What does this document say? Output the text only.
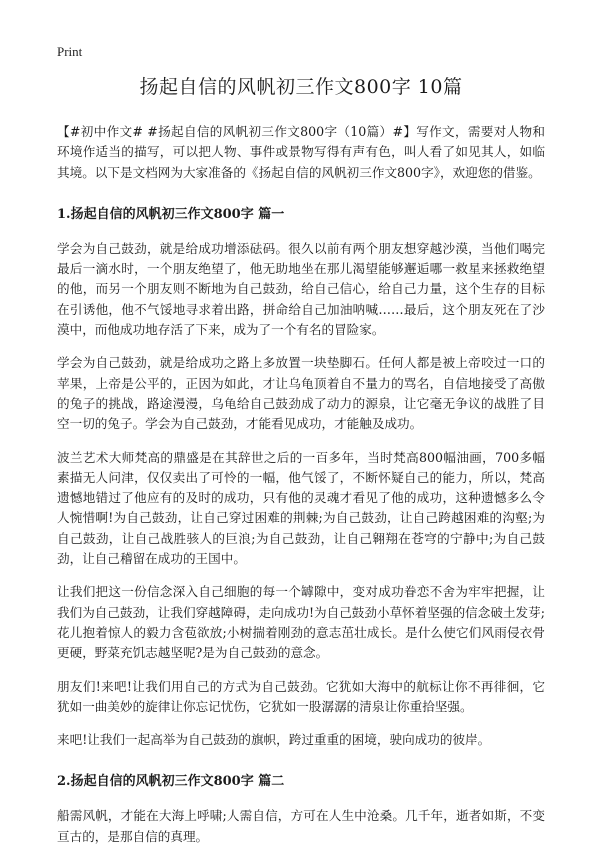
Print
扬起自信的风帆初三作文800字 10篇

【#初中作文# #扬起自信的风帆初三作文800字（10篇）#】写作文，需要对人物和环境作适当的描写，可以把人物、事件或景物写得有声有色，叫人看了如见其人，如临其境。以下是文档网为大家准备的《扬起自信的风帆初三作文800字》，欢迎您的借鉴。

1.扬起自信的风帆初三作文800字 篇一

学会为自己鼓劲，就是给成功增添砝码。很久以前有两个朋友想穿越沙漠，当他们喝完最后一滴水时，一个朋友绝望了，他无助地坐在那儿渴望能够邂逅哪一救星来拯救绝望的他，而另一个朋友则不断地为自己鼓劲，给自己信心，给自己力量，这个生存的目标在引诱他，他不气馁地寻求着出路，拼命给自己加油呐喊……最后，这个朋友死在了沙漠中，而他成功地存活了下来，成为了一个有名的冒险家。

学会为自己鼓劲，就是给成功之路上多放置一块垫脚石。任何人都是被上帝咬过一口的苹果，上帝是公平的，正因为如此，才让乌龟顶着自不量力的骂名，自信地接受了高傲的兔子的挑战，路途漫漫，乌龟给自己鼓劲成了动力的源泉，让它毫无争议的战胜了目空一切的兔子。学会为自己鼓劲，才能看见成功，才能触及成功。

波兰艺术大师梵高的鼎盛是在其辞世之后的一百多年，当时梵高800幅油画，700多幅素描无人问津，仅仅卖出了可怜的一幅，他气馁了，不断怀疑自己的能力，所以，梵高遗憾地错过了他应有的及时的成功，只有他的灵魂才看见了他的成功，这种遗憾多么令人惋惜啊!为自己鼓劲，让自己穿过困难的荆棘;为自己鼓劲，让自己跨越困难的沟壑;为自己鼓劲，让自己战胜骇人的巨浪;为自己鼓劲，让自己翱翔在苍穹的宁静中;为自己鼓劲，让自己稽留在成功的王国中。

让我们把这一份信念深入自己细胞的每一个罅隙中，变对成功眷恋不舍为牢牢把握，让我们为自己鼓劲，让我们穿越障碍，走向成功!为自己鼓劲小草怀着坚强的信念破土发芽;花儿抱着惊人的毅力含苞欲放;小树揣着刚劲的意志茁壮成长。是什么使它们风雨侵衣骨更硬，野菜充饥志越坚呢?是为自己鼓劲的意念。

朋友们!来吧!让我们用自己的方式为自己鼓劲。它犹如大海中的航标让你不再徘徊，它犹如一曲美妙的旋律让你忘记忧伤，它犹如一股潺潺的清泉让你重拾坚强。

来吧!让我们一起高举为自己鼓劲的旗帜，跨过重重的困境，驶向成功的彼岸。

2.扬起自信的风帆初三作文800字 篇二

船需风帆，才能在大海上呼啸;人需自信，方可在人生中沧桑。几千年，逝者如斯，不变亘古的，是那自信的真理。
